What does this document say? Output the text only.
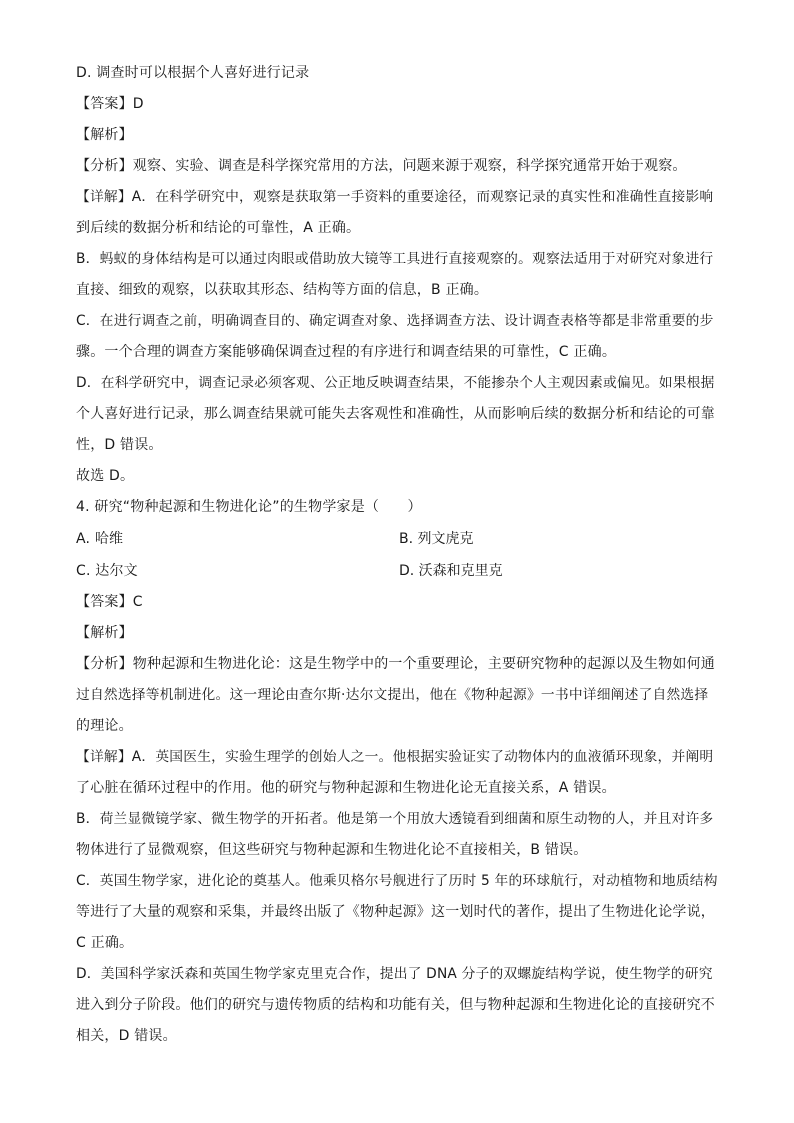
D. 调查时可以根据个人喜好进行记录
【答案】D
【解析】
【分析】观察、实验、调查是科学探究常用的方法，问题来源于观察，科学探究通常开始于观察。
【详解】A．在科学研究中，观察是获取第一手资料的重要途径，而观察记录的真实性和准确性直接影响
到后续的数据分析和结论的可靠性，A 正确。
B．蚂蚁的身体结构是可以通过肉眼或借助放大镜等工具进行直接观察的。观察法适用于对研究对象进行
直接、细致的观察，以获取其形态、结构等方面的信息，B 正确。
C．在进行调查之前，明确调查目的、确定调查对象、选择调查方法、设计调查表格等都是非常重要的步
骤。一个合理的调查方案能够确保调查过程的有序进行和调查结果的可靠性，C 正确。
D．在科学研究中，调查记录必须客观、公正地反映调查结果，不能掺杂个人主观因素或偏见。如果根据
个人喜好进行记录，那么调查结果就可能失去客观性和准确性，从而影响后续的数据分析和结论的可靠
性，D 错误。
故选 D。
4. 研究“物种起源和生物进化论”的生物学家是（　　）
A. 哈维	B. 列文虎克
C. 达尔文	D. 沃森和克里克
【答案】C
【解析】
【分析】物种起源和生物进化论：这是生物学中的一个重要理论，主要研究物种的起源以及生物如何通
过自然选择等机制进化。这一理论由查尔斯·达尔文提出，他在《物种起源》一书中详细阐述了自然选择
的理论。
【详解】A．英国医生，实验生理学的创始人之一。他根据实验证实了动物体内的血液循环现象，并阐明
了心脏在循环过程中的作用。他的研究与物种起源和生物进化论无直接关系，A 错误。
B．荷兰显微镜学家、微生物学的开拓者。他是第一个用放大透镜看到细菌和原生动物的人，并且对许多
物体进行了显微观察，但这些研究与物种起源和生物进化论不直接相关，B 错误。
C．英国生物学家，进化论的奠基人。他乘贝格尔号舰进行了历时 5 年的环球航行，对动植物和地质结构
等进行了大量的观察和采集，并最终出版了《物种起源》这一划时代的著作，提出了生物进化论学说，
C 正确。
D．美国科学家沃森和英国生物学家克里克合作，提出了 DNA 分子的双螺旋结构学说，使生物学的研究
进入到分子阶段。他们的研究与遗传物质的结构和功能有关，但与物种起源和生物进化论的直接研究不
相关，D 错误。
